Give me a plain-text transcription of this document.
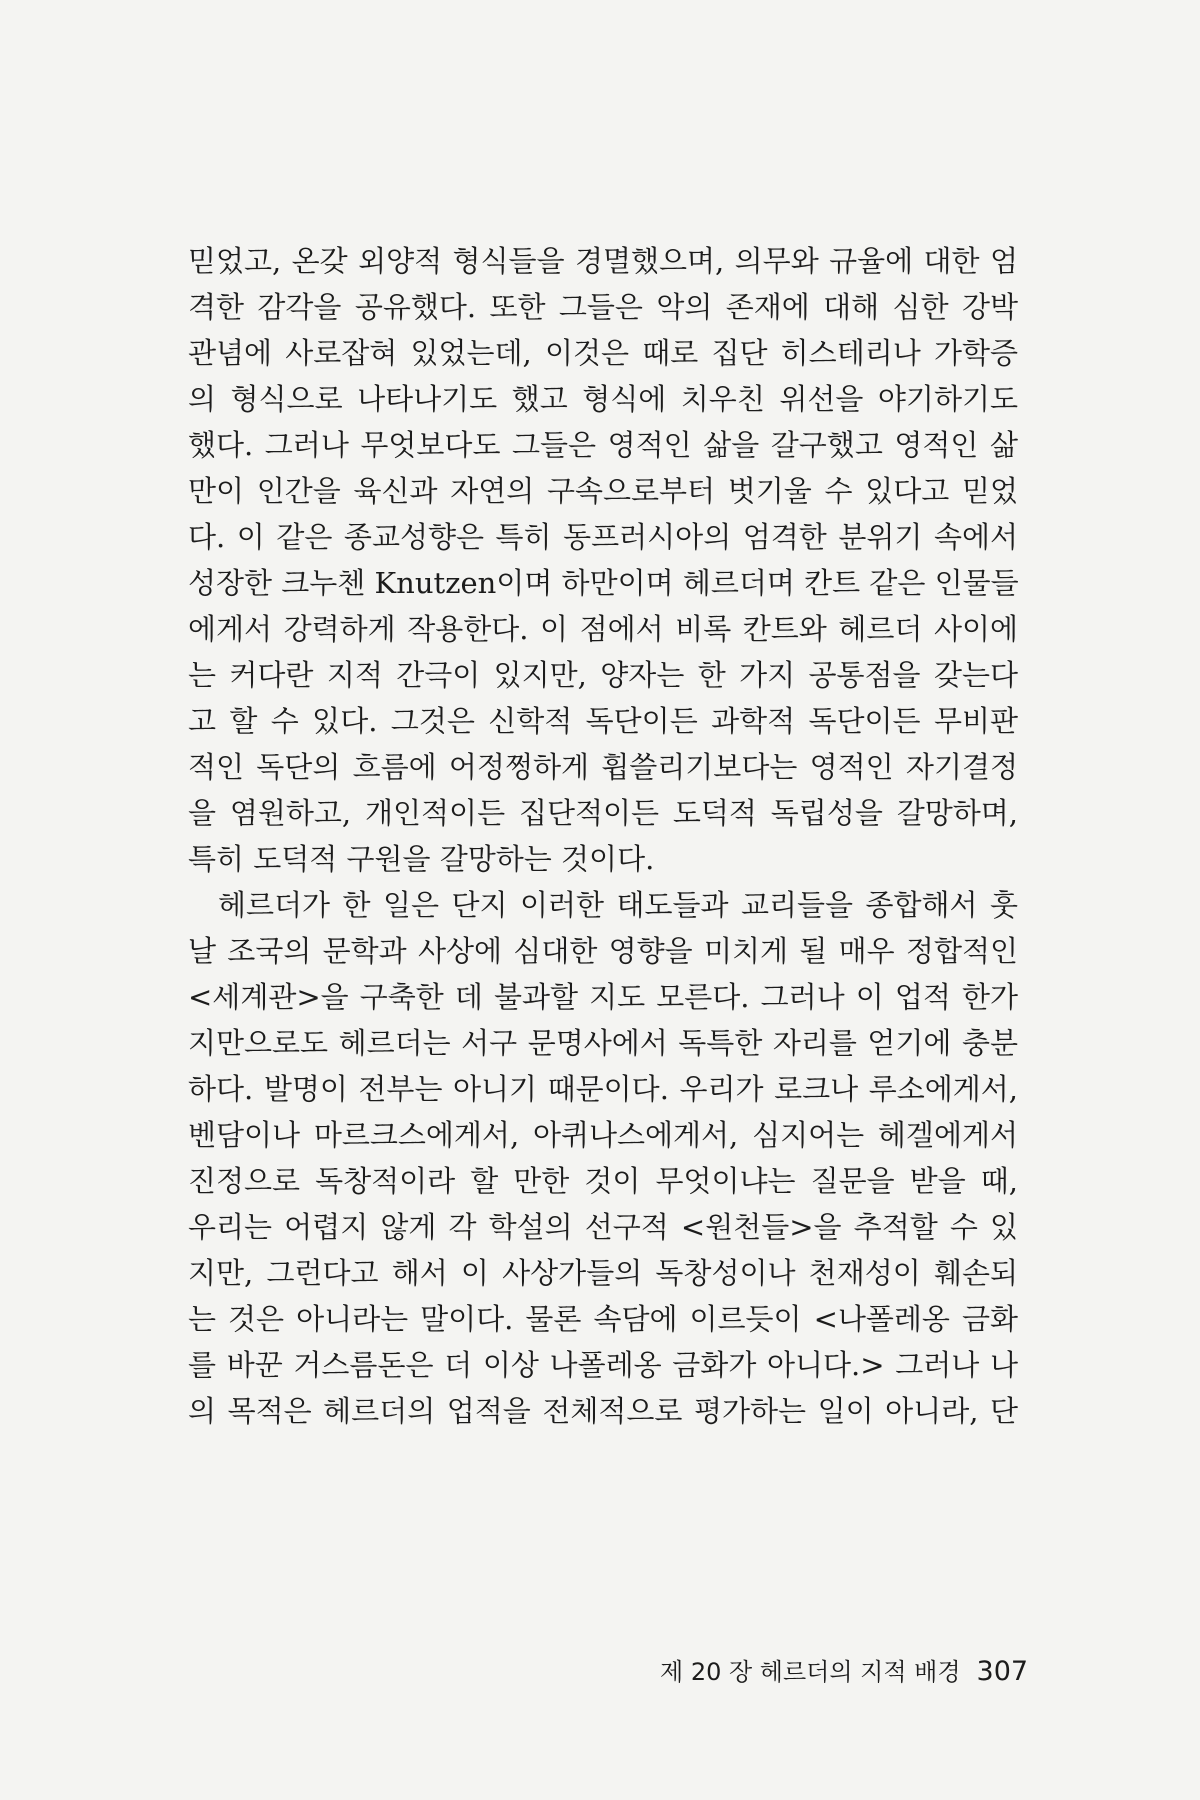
믿었고, 온갖 외양적 형식들을 경멸했으며, 의무와 규율에 대한 엄
격한 감각을 공유했다. 또한 그들은 악의 존재에 대해 심한 강박
관념에 사로잡혀 있었는데, 이것은 때로 집단 히스테리나 가학증
의 형식으로 나타나기도 했고 형식에 치우친 위선을 야기하기도
했다. 그러나 무엇보다도 그들은 영적인 삶을 갈구했고 영적인 삶
만이 인간을 육신과 자연의 구속으로부터 벗기울 수 있다고 믿었
다. 이 같은 종교성향은 특히 동프러시아의 엄격한 분위기 속에서
성장한 크누첸 Knutzen이며 하만이며 헤르더며 칸트 같은 인물들
에게서 강력하게 작용한다. 이 점에서 비록 칸트와 헤르더 사이에
는 커다란 지적 간극이 있지만, 양자는 한 가지 공통점을 갖는다
고 할 수 있다. 그것은 신학적 독단이든 과학적 독단이든 무비판
적인 독단의 흐름에 어정쩡하게 휩쓸리기보다는 영적인 자기결정
을 염원하고, 개인적이든 집단적이든 도덕적 독립성을 갈망하며,
특히 도덕적 구원을 갈망하는 것이다.
헤르더가 한 일은 단지 이러한 태도들과 교리들을 종합해서 훗
날 조국의 문학과 사상에 심대한 영향을 미치게 될 매우 정합적인
<세계관>을 구축한 데 불과할 지도 모른다. 그러나 이 업적 한가
지만으로도 헤르더는 서구 문명사에서 독특한 자리를 얻기에 충분
하다. 발명이 전부는 아니기 때문이다. 우리가 로크나 루소에게서,
벤담이나 마르크스에게서, 아퀴나스에게서, 심지어는 헤겔에게서
진정으로 독창적이라 할 만한 것이 무엇이냐는 질문을 받을 때,
우리는 어렵지 않게 각 학설의 선구적 <원천들>을 추적할 수 있
지만, 그런다고 해서 이 사상가들의 독창성이나 천재성이 훼손되
는 것은 아니라는 말이다. 물론 속담에 이르듯이 <나폴레옹 금화
를 바꾼 거스름돈은 더 이상 나폴레옹 금화가 아니다.> 그러나 나
의 목적은 헤르더의 업적을 전체적으로 평가하는 일이 아니라, 단
제 20 장 헤르더의 지적 배경 307
